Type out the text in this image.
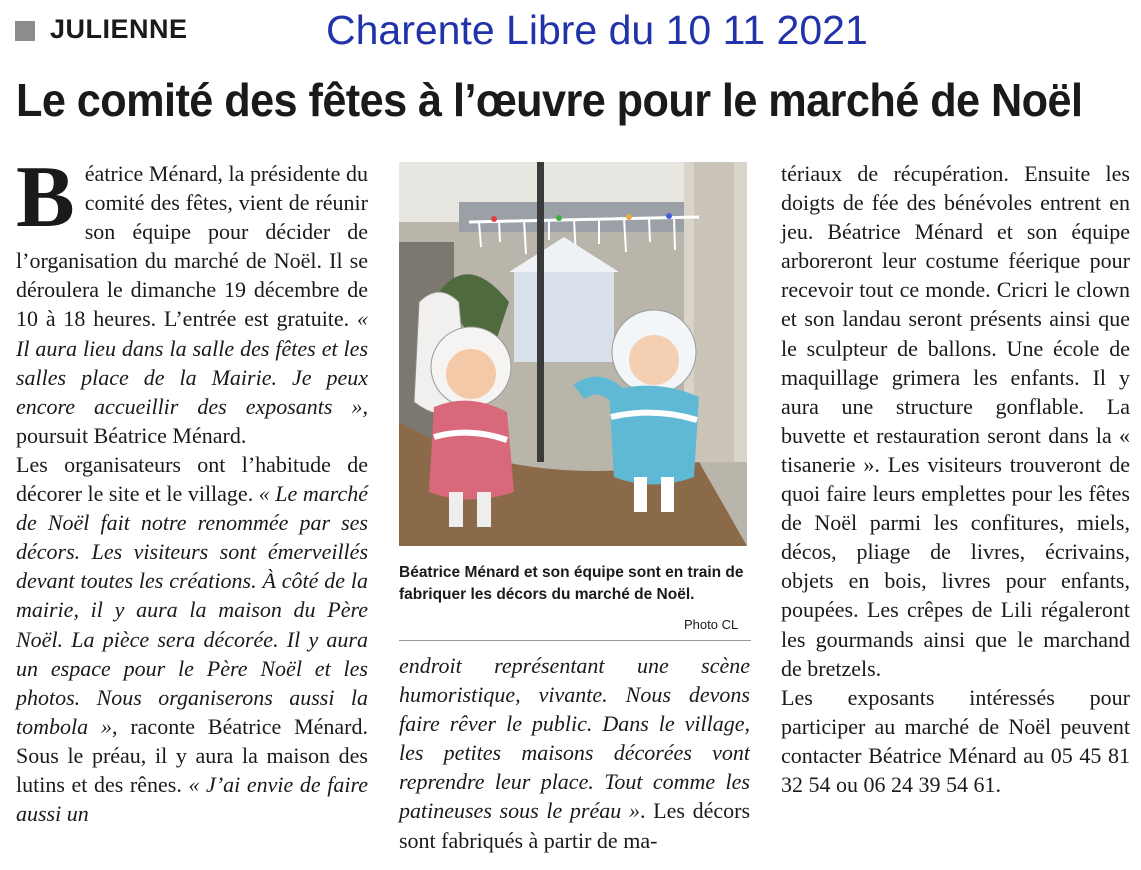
JULIENNE	Charente Libre du 10 11 2021
Le comité des fêtes à l’œuvre pour le marché de Noël

Béatrice Ménard, la présidente du comité des fêtes, vient de réunir son équipe pour décider de l’organisation du marché de Noël. Il se déroulera le dimanche 19 décembre de 10 à 18 heures. L’entrée est gratuite. « Il aura lieu dans la salle des fêtes et les salles place de la Mairie. Je peux encore accueillir des exposants », poursuit Béatrice Ménard.

Les organisateurs ont l’habitude de décorer le site et le village. « Le marché de Noël fait notre renommée par ses décors. Les visiteurs sont émerveillés devant toutes les créations. À côté de la mairie, il y aura la maison du Père Noël. La pièce sera décorée. Il y aura un espace pour le Père Noël et les photos. Nous organiserons aussi la tombola », raconte Béatrice Ménard. Sous le préau, il y aura la maison des lutins et des rênes. « J’ai envie de faire aussi un

Béatrice Ménard et son équipe sont en train de fabriquer les décors du marché de Noël.
Photo CL

endroit représentant une scène humoristique, vivante. Nous devons faire rêver le public. Dans le village, les petites maisons décorées vont reprendre leur place. Tout comme les patineuses sous le préau ». Les décors sont fabriqués à partir de ma-

tériaux de récupération. Ensuite les doigts de fée des bénévoles entrent en jeu. Béatrice Ménard et son équipe arboreront leur costume féerique pour recevoir tout ce monde. Cricri le clown et son landau seront présents ainsi que le sculpteur de ballons. Une école de maquillage grimera les enfants. Il y aura une structure gonflable. La buvette et restauration seront dans la « tisanerie ». Les visiteurs trouveront de quoi faire leurs emplettes pour les fêtes de Noël parmi les confitures, miels, décos, pliage de livres, écrivains, objets en bois, livres pour enfants, poupées. Les crêpes de Lili régaleront les gourmands ainsi que le marchand de bretzels.

Les exposants intéressés pour participer au marché de Noël peuvent contacter Béatrice Ménard au 05 45 81 32 54 ou 06 24 39 54 61.
